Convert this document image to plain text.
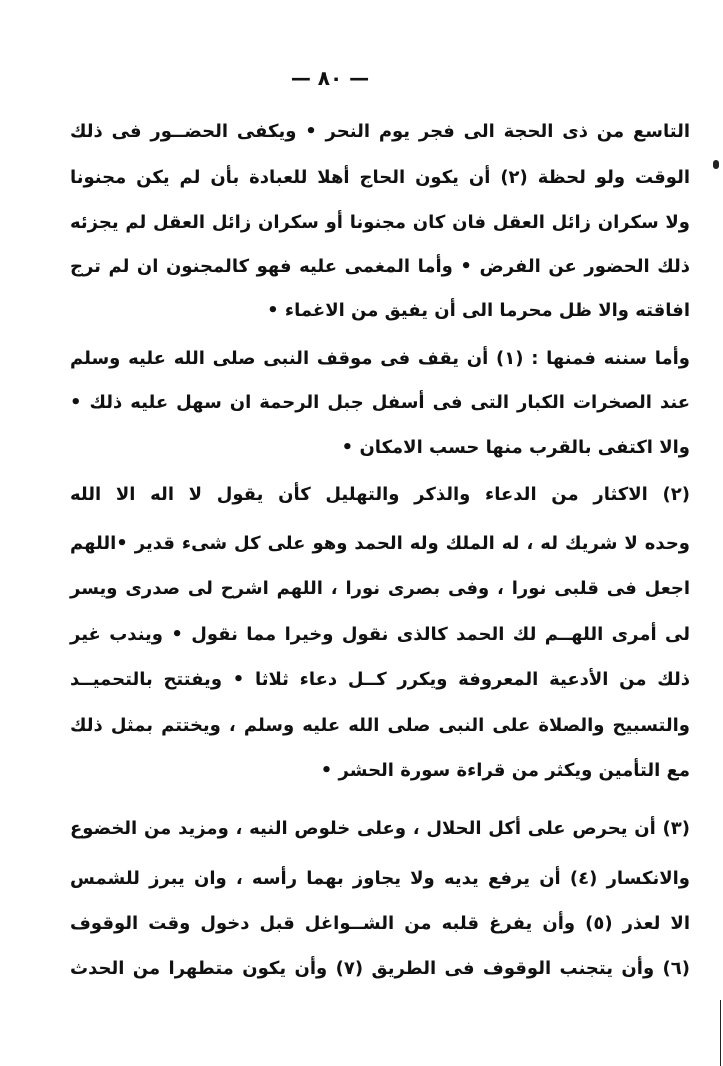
— ٨٠ —
التاسع من ذى الحجة الى فجر يوم النحر • ويكفى الحضــور فى ذلك
الوقت ولو لحظة (٢) أن يكون الحاج أهلا للعبادة بأن لم يكن مجنونا
ولا سكران زائل العقل فان كان مجنونا أو سكران زائل العقل لم يجزئه
ذلك الحضور عن الفرض • وأما المغمى عليه فهو كالمجنون ان لم ترج
افاقته والا ظل محرما الى أن يفيق من الاغماء •
وأما سننه فمنها : (١) أن يقف فى موقف النبى صلى الله عليه وسلم
عند الصخرات الكبار التى فى أسفل جبل الرحمة ان سهل عليه ذلك •
والا اكتفى بالقرب منها حسب الامكان •
(٢) الاكثار من الدعاء والذكر والتهليل كأن يقول لا اله الا الله
وحده لا شريك له ، له الملك وله الحمد وهو على كل شىء قدير •اللهم
اجعل فى قلبى نورا ، وفى بصرى نورا ، اللهم اشرح لى صدرى ويسر
لى أمرى اللهــم لك الحمد كالذى نقول وخيرا مما نقول • ويندب غير
ذلك من الأدعية المعروفة ويكرر كــل دعاء ثلاثا • ويفتتح بالتحميــد
والتسبيح والصلاة على النبى صلى الله عليه وسلم ، ويختتم بمثل ذلك
مع التأمين ويكثر من قراءة سورة الحشر •
(٣) أن يحرص على أكل الحلال ، وعلى خلوص النيه ، ومزيد من الخضوع
والانكسار (٤) أن يرفع يديه ولا يجاوز بهما رأسه ، وان يبرز للشمس
الا لعذر (٥) وأن يفرغ قلبه من الشــواغل قبل دخول وقت الوقوف
(٦) وأن يتجنب الوقوف فى الطريق (٧) وأن يكون متطهرا من الحدث
